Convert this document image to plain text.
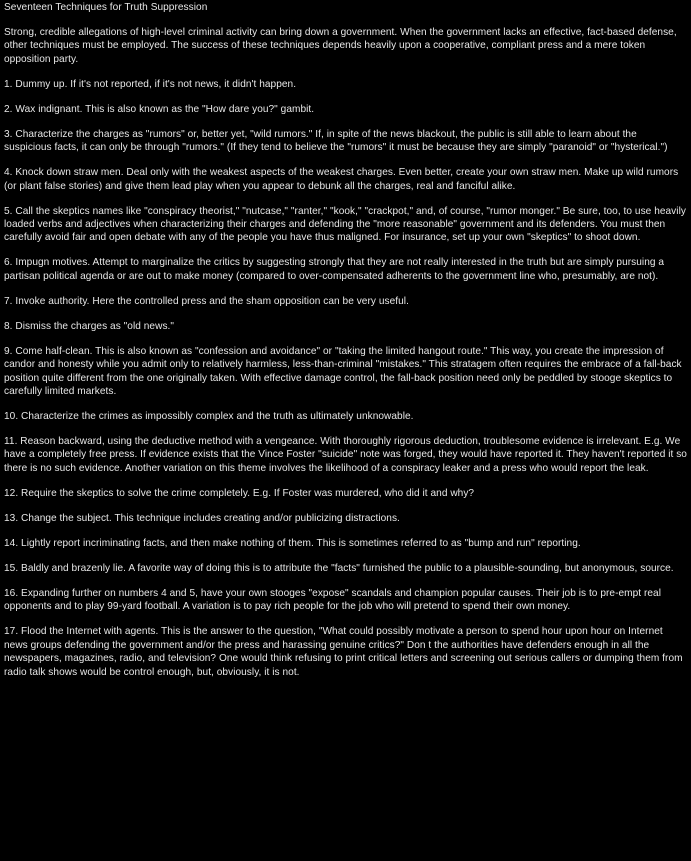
Seventeen Techniques for Truth Suppression
Strong, credible allegations of high-level criminal activity can bring down a government. When the government lacks an effective, fact-based defense, other techniques must be employed. The success of these techniques depends heavily upon a cooperative, compliant press and a mere token opposition party.
1. Dummy up. If it's not reported, if it's not news, it didn't happen.
2. Wax indignant. This is also known as the "How dare you?" gambit.
3. Characterize the charges as "rumors" or, better yet, "wild rumors." If, in spite of the news blackout, the public is still able to learn about the suspicious facts, it can only be through "rumors." (If they tend to believe the "rumors" it must be because they are simply "paranoid" or "hysterical.")
4. Knock down straw men. Deal only with the weakest aspects of the weakest charges. Even better, create your own straw men. Make up wild rumors (or plant false stories) and give them lead play when you appear to debunk all the charges, real and fanciful alike.
5. Call the skeptics names like "conspiracy theorist," "nutcase," "ranter," "kook," "crackpot," and, of course, "rumor monger." Be sure, too, to use heavily loaded verbs and adjectives when characterizing their charges and defending the "more reasonable" government and its defenders. You must then carefully avoid fair and open debate with any of the people you have thus maligned. For insurance, set up your own "skeptics" to shoot down.
6. Impugn motives. Attempt to marginalize the critics by suggesting strongly that they are not really interested in the truth but are simply pursuing a partisan political agenda or are out to make money (compared to over-compensated adherents to the government line who, presumably, are not).
7. Invoke authority. Here the controlled press and the sham opposition can be very useful.
8. Dismiss the charges as "old news."
9. Come half-clean. This is also known as "confession and avoidance" or "taking the limited hangout route." This way, you create the impression of candor and honesty while you admit only to relatively harmless, less-than-criminal "mistakes." This stratagem often requires the embrace of a fall-back position quite different from the one originally taken. With effective damage control, the fall-back position need only be peddled by stooge skeptics to carefully limited markets.
10. Characterize the crimes as impossibly complex and the truth as ultimately unknowable.
11. Reason backward, using the deductive method with a vengeance. With thoroughly rigorous deduction, troublesome evidence is irrelevant. E.g. We have a completely free press. If evidence exists that the Vince Foster "suicide" note was forged, they would have reported it. They haven't reported it so there is no such evidence. Another variation on this theme involves the likelihood of a conspiracy leaker and a press who would report the leak.
12. Require the skeptics to solve the crime completely. E.g. If Foster was murdered, who did it and why?
13. Change the subject. This technique includes creating and/or publicizing distractions.
14. Lightly report incriminating facts, and then make nothing of them. This is sometimes referred to as "bump and run" reporting.
15. Baldly and brazenly lie. A favorite way of doing this is to attribute the "facts" furnished the public to a plausible-sounding, but anonymous, source.
16. Expanding further on numbers 4 and 5, have your own stooges "expose" scandals and champion popular causes. Their job is to pre-empt real opponents and to play 99-yard football. A variation is to pay rich people for the job who will pretend to spend their own money.
17. Flood the Internet with agents. This is the answer to the question, "What could possibly motivate a person to spend hour upon hour on Internet news groups defending the government and/or the press and harassing genuine critics?" Don t the authorities have defenders enough in all the newspapers, magazines, radio, and television? One would think refusing to print critical letters and screening out serious callers or dumping them from radio talk shows would be control enough, but, obviously, it is not.
